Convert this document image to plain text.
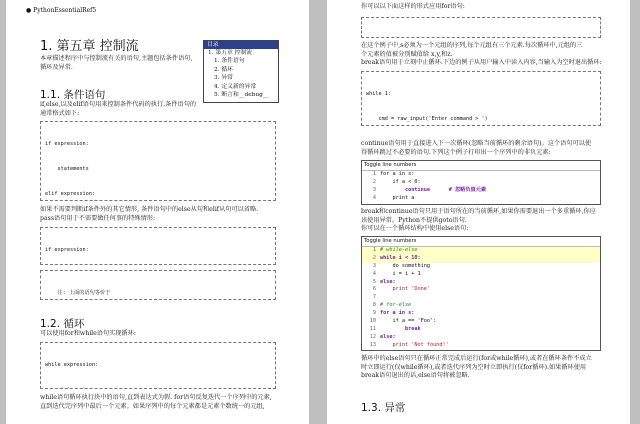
● PythonEssentialRef5
1. 第五章 控制流
本章描述程序中与控制流有关的语句,主题包括条件语句,
循环及异常.
目录
1. 第五章 控制流
1. 条件语句
2. 循环
3. 异常
4. 定义新的异常
5. 断言和__debug__
1.1. 条件语句
if,else,以及elif语句用来控制条件代码的执行.条件语句的
通常格式如下:

if expression:

statements

elif expression:

如果不需要判断if条件外的其它情形, 条件语句中的else从句和elif从句可以省略.
pass语句用于不需要做任何事的特殊情形:

if expression:

注: 上面的语句等价于

1.2. 循环
可以使用for和while语句实现循环:

while expression:

while语句循环执行块中的语句,直到表达式为假. for语句反复迭代一个序列中的元素,
直到迭代完序列中最后一个元素。如果序列中的每个元素都是元素个数统一的元组,
你可以以下面这样的形式应用for语句:

在这个例子中,s必须为一个元组的序列,每个元组有三个元素.每次循环中,元组的三
个元素的值被分别赋值给 x,y,和z.
break语句用于立刻中止循环.下边的例子从用户输入中读入内容,当输入为空时退出循环:

while 1:

cmd = raw_input('Enter command > ')

continue语句用于直接进入下一次循环(忽略当前循环的剩余语句)。这个语句可以使
得循环跳过不必要的语句.下列这个例子打印出一个序列中的非负元素:
Toggle line numbers
1 for a in s:
2    if a < 0:
3        continue      # 忽略负值元素
4    print a
break和continue语句只用于语句所在的当前循环,如果你需要退出一个多重循环,你应
该使用异常。Python不提供goto语句.
你可以在一个循环结构中使用else语句:
Toggle line numbers
1 # while-else
2 while i < 10:
3    do something
4    i = i + 1
5 else:
6    print 'Done'
7
8 # for-else
9 for a in s:
10    if a == 'Foo':
11        break
12 else:
13    print 'Not found!'
循环中的else语句只在循环正常完成后运行(for或while循环),或者在循环条件不成立
时立即运行(仅while循环),或者迭代序列为空时立即执行(仅for循环).如果循环使用
break语句退出的话,else语句将被忽略.
1.3. 异常
